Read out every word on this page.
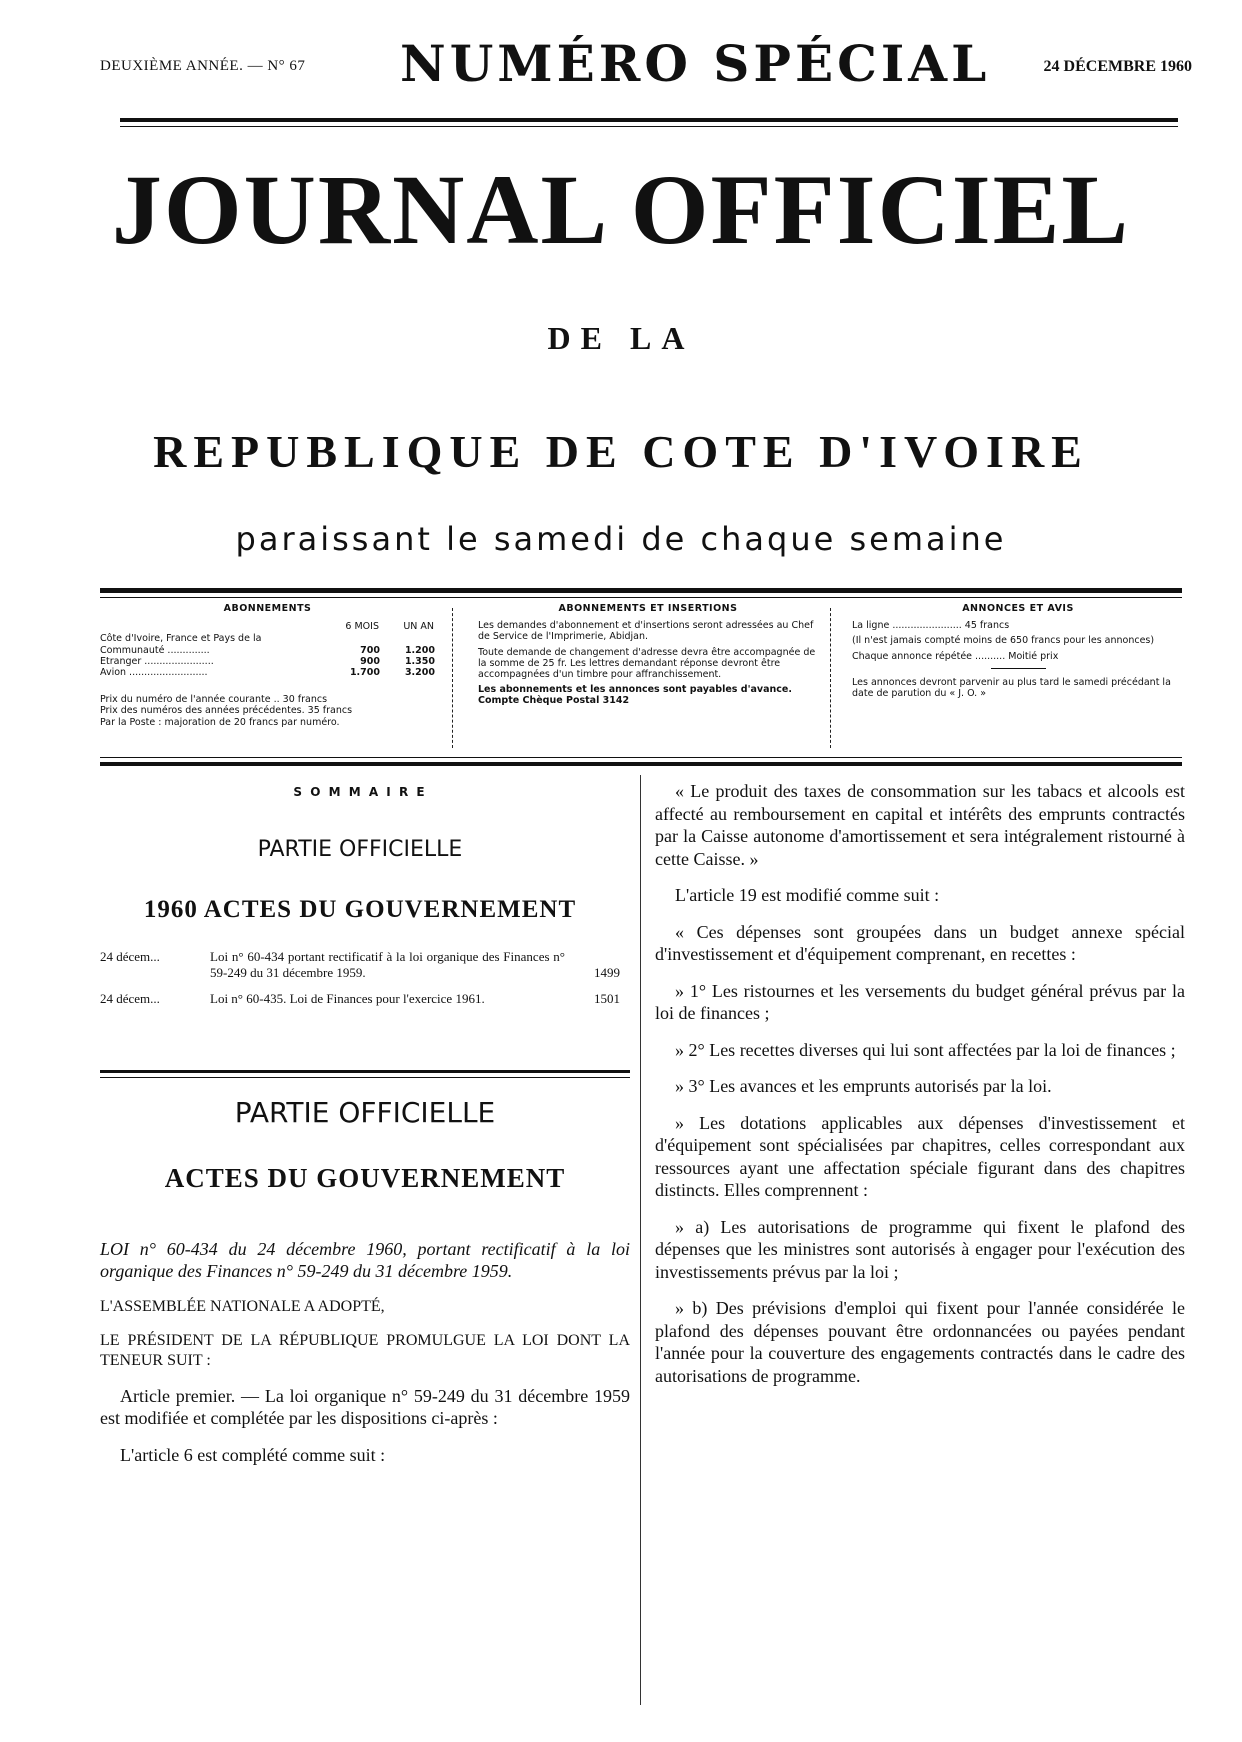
DEUXIÈME ANNÉE. — N° 67 NUMÉRO SPÉCIAL	24 DÉCEMBRE 1960
JOURNAL OFFICIEL
DE LA
REPUBLIQUE DE COTE D'IVOIRE
paraissant le samedi de chaque semaine
ABONNEMENTS
	6 MOIS	UN AN
Côte d'Ivoire, France et Pays de la Communauté ..............	700	1.200
Etranger .......................	900	1.350
Avion ..........................	1.700	3.200

Prix du numéro de l'année courante .. 30 francs

Prix des numéros des années précédentes. 35 francs

Par la Poste : majoration de 20 francs par numéro.

ABONNEMENTS ET INSERTIONS

Les demandes d'abonnement et d'insertions seront adressées au Chef de Service de l'Imprimerie, Abidjan.

Toute demande de changement d'adresse devra être accompagnée de la somme de 25 fr. Les lettres demandant réponse devront être accompagnées d'un timbre pour affranchissement.

Les abonnements et les annonces sont payables d'avance. Compte Chèque Postal 3142

ANNONCES ET AVIS

La ligne ....................... 45 francs

(Il n'est jamais compté moins de 650 francs pour les annonces)

Chaque annonce répétée .......... Moitié prix

Les annonces devront parvenir au plus tard le samedi précédant la date de parution du « J. O. »

S O M M A I R E
PARTIE OFFICIELLE
1960 ACTES DU GOUVERNEMENT
24 décem...	Loi n° 60-434 portant rectificatif à la loi organique des Finances n° 59-249 du 31 décembre 1959.	1499
24 décem...	Loi n° 60-435. Loi de Finances pour l'exercice 1961.	1501
PARTIE OFFICIELLE
ACTES DU GOUVERNEMENT

LOI n° 60-434 du 24 décembre 1960, portant rectificatif à la loi organique des Finances n° 59-249 du 31 décembre 1959.

L'ASSEMBLÉE NATIONALE A ADOPTÉ,

LE PRÉSIDENT DE LA RÉPUBLIQUE PROMULGUE LA LOI DONT LA TENEUR SUIT :

Article premier. — La loi organique n° 59-249 du 31 décembre 1959 est modifiée et complétée par les dispositions ci-après :

L'article 6 est complété comme suit :

« Le produit des taxes de consommation sur les tabacs et alcools est affecté au remboursement en capital et intérêts des emprunts contractés par la Caisse autonome d'amortissement et sera intégralement ristourné à cette Caisse. »

L'article 19 est modifié comme suit :

« Ces dépenses sont groupées dans un budget annexe spécial d'investissement et d'équipement comprenant, en recettes :

» 1° Les ristournes et les versements du budget général prévus par la loi de finances ;

» 2° Les recettes diverses qui lui sont affectées par la loi de finances ;

» 3° Les avances et les emprunts autorisés par la loi.

» Les dotations applicables aux dépenses d'investissement et d'équipement sont spécialisées par chapitres, celles correspondant aux ressources ayant une affectation spéciale figurant dans des chapitres distincts. Elles comprennent :

» a) Les autorisations de programme qui fixent le plafond des dépenses que les ministres sont autorisés à engager pour l'exécution des investissements prévus par la loi ;

» b) Des prévisions d'emploi qui fixent pour l'année considérée le plafond des dépenses pouvant être ordonnancées ou payées pendant l'année pour la couverture des engagements contractés dans le cadre des autorisations de programme.
